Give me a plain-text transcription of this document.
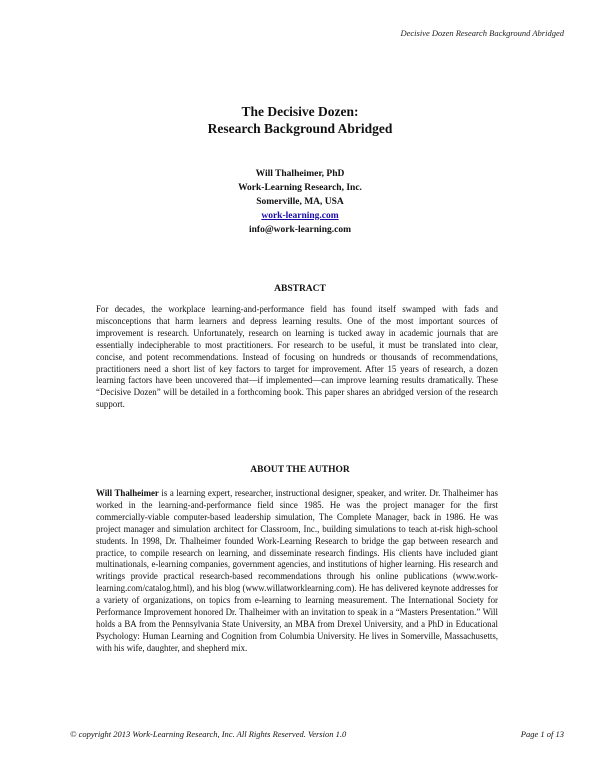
Decisive Dozen Research Background Abridged
The Decisive Dozen:
Research Background Abridged
Will Thalheimer, PhD
Work-Learning Research, Inc.
Somerville, MA, USA
work-learning.com
info@work-learning.com
ABSTRACT
For decades, the workplace learning-and-performance field has found itself swamped with fads and misconceptions that harm learners and depress learning results. One of the most important sources of improvement is research. Unfortunately, research on learning is tucked away in academic journals that are essentially indecipherable to most practitioners. For research to be useful, it must be translated into clear, concise, and potent recommendations. Instead of focusing on hundreds or thousands of recommendations, practitioners need a short list of key factors to target for improvement. After 15 years of research, a dozen learning factors have been uncovered that—if implemented—can improve learning results dramatically. These “Decisive Dozen” will be detailed in a forthcoming book. This paper shares an abridged version of the research support.
ABOUT THE AUTHOR
Will Thalheimer is a learning expert, researcher, instructional designer, speaker, and writer. Dr. Thalheimer has worked in the learning-and-performance field since 1985. He was the project manager for the first commercially-viable computer-based leadership simulation, The Complete Manager, back in 1986. He was project manager and simulation architect for Classroom, Inc., building simulations to teach at-risk high-school students. In 1998, Dr. Thalheimer founded Work-Learning Research to bridge the gap between research and practice, to compile research on learning, and disseminate research findings. His clients have included giant multinationals, e-learning companies, government agencies, and institutions of higher learning. His research and writings provide practical research-based recommendations through his online publications (www.work-learning.com/catalog.html), and his blog (www.willatworklearning.com). He has delivered keynote addresses for a variety of organizations, on topics from e-learning to learning measurement. The International Society for Performance Improvement honored Dr. Thalheimer with an invitation to speak in a “Masters Presentation.” Will holds a BA from the Pennsylvania State University, an MBA from Drexel University, and a PhD in Educational Psychology: Human Learning and Cognition from Columbia University. He lives in Somerville, Massachusetts, with his wife, daughter, and shepherd mix.
© copyright 2013 Work-Learning Research, Inc. All Rights Reserved. Version 1.0	Page 1 of 13
